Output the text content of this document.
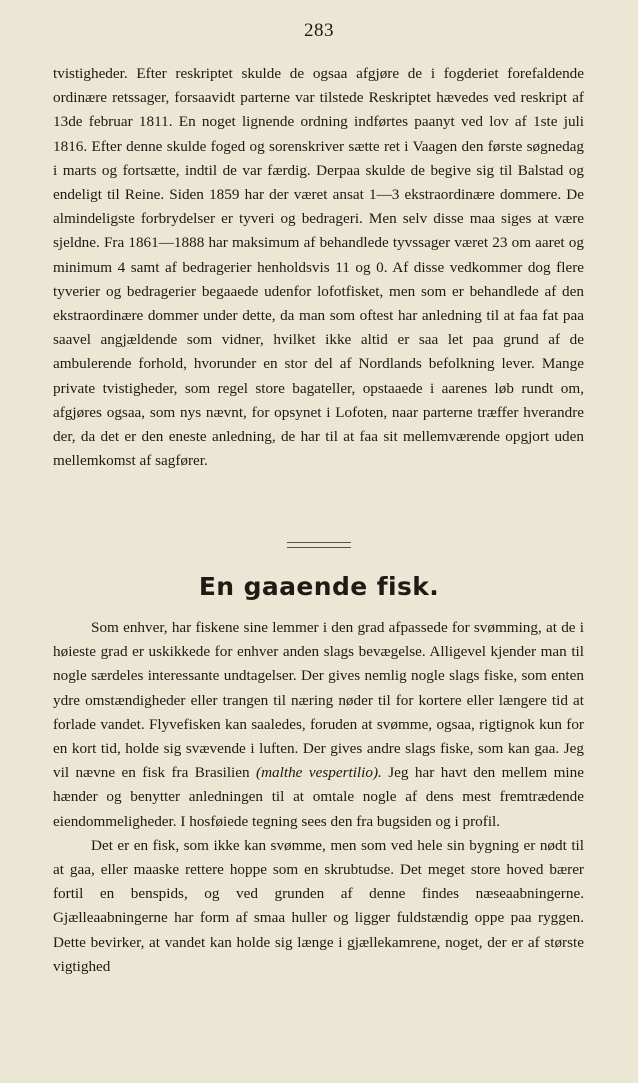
283

tvistigheder. Efter reskriptet skulde de ogsaa afgjøre de i fogderiet forefaldende ordinære retssager, forsaavidt parterne var tilstede Reskriptet hævedes ved reskript af 13de februar 1811. En noget lignende ordning indførtes paanyt ved lov af 1ste juli 1816. Efter denne skulde foged og sorenskriver sætte ret i Vaagen den første søgnedag i marts og fortsætte, indtil de var færdig. Derpaa skulde de begive sig til Balstad og endeligt til Reine. Siden 1859 har der været ansat 1—3 ekstraordinære dommere. De almindeligste forbrydelser er tyveri og bedrageri. Men selv disse maa siges at være sjeldne. Fra 1861—1888 har maksimum af behandlede tyvssager været 23 om aaret og minimum 4 samt af bedragerier henholdsvis 11 og 0. Af disse vedkommer dog flere tyverier og bedragerier begaaede udenfor lofotfisket, men som er behandlede af den ekstraordinære dommer under dette, da man som oftest har anledning til at faa fat paa saavel angjældende som vidner, hvilket ikke altid er saa let paa grund af de ambulerende forhold, hvorunder en stor del af Nordlands befolkning lever. Mange private tvistigheder, som regel store bagateller, opstaaede i aarenes løb rundt om, afgjøres ogsaa, som nys nævnt, for opsynet i Lofoten, naar parterne træffer hverandre der, da det er den eneste anledning, de har til at faa sit mellemværende opgjort uden mellemkomst af sagfører.

En gaaende fisk.

Som enhver, har fiskene sine lemmer i den grad afpassede for svømming, at de i høieste grad er uskikkede for enhver anden slags bevægelse. Alligevel kjender man til nogle særdeles interessante undtagelser. Der gives nemlig nogle slags fiske, som enten ydre omstændigheder eller trangen til næring nøder til for kortere eller længere tid at forlade vandet. Flyvefisken kan saaledes, foruden at svømme, ogsaa, rigtignok kun for en kort tid, holde sig svævende i luften. Der gives andre slags fiske, som kan gaa. Jeg vil nævne en fisk fra Brasilien (malthe vespertilio). Jeg har havt den mellem mine hænder og benytter anledningen til at omtale nogle af dens mest fremtrædende eiendommeligheder. I hosføiede tegning sees den fra bugsiden og i profil.

Det er en fisk, som ikke kan svømme, men som ved hele sin bygning er nødt til at gaa, eller maaske rettere hoppe som en skrubtudse. Det meget store hoved bærer fortil en benspids, og ved grunden af denne findes næseaabningerne. Gjælleaabningerne har form af smaa huller og ligger fuldstændig oppe paa ryggen. Dette bevirker, at vandet kan holde sig længe i gjællekamrene, noget, der er af største vigtighed
